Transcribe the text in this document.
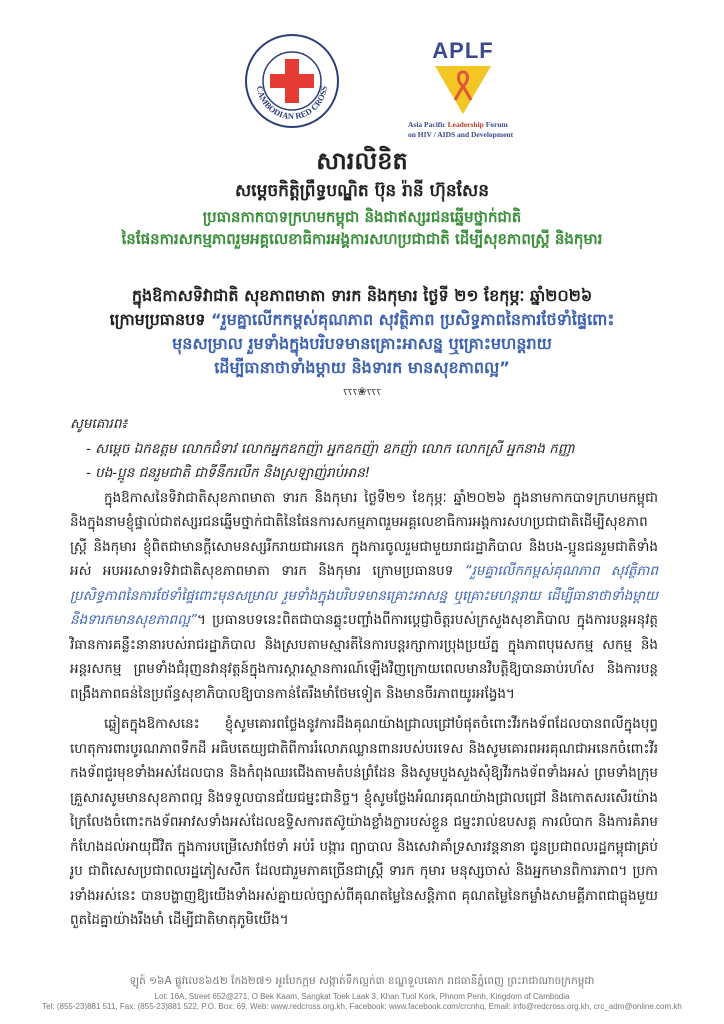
CAMBODIAN RED CROSS
APLF
Asia Pacific Leadership Forum
on HIV / AIDS and Development
សារលិខិត
សម្ដេចកិត្តិព្រឹទ្ធបណ្ឌិត ប៊ុន រ៉ានី ហ៊ុនសែន
ប្រធានកាកបាទក្រហមកម្ពុជា និងជាឥស្សរជនឆ្នើមថ្នាក់ជាតិ
នៃផែនការសកម្មភាពរួមអគ្គលេខាធិការអង្គការសហប្រជាជាតិ ដើម្បីសុខភាពស្ត្រី និងកុមារ
ក្នុងឱកាសទិវាជាតិ សុខភាពមាតា ទារក និងកុមារ ថ្ងៃទី ២១ ខែកុម្ភៈ ឆ្នាំ២០២៦
ក្រោមប្រធានបទ “រួមគ្នាលើកកម្ពស់គុណភាព សុវត្ថិភាព ប្រសិទ្ធភាពនៃការថែទាំផ្ទៃពោះ
មុនសម្រាល រួមទាំងក្នុងបរិបទមានគ្រោះអាសន្ន ឬគ្រោះមហន្តរាយ
ដើម្បីធានាថាទាំងម្ដាយ និងទារក មានសុខភាពល្អ”
ꧏꧏꧏ❀ꧏꧏꧏ

សូមគោរព៖

- សម្ដេច ឯកឧត្តម លោកជំទាវ លោកអ្នកឧកញ៉ា អ្នកឧកញ៉ា ឧកញ៉ា លោក លោកស្រី អ្នកនាង កញ្ញា
- បង-ប្អូន ជនរួមជាតិ ជាទីនឹករលឹក និងស្រឡាញ់រាប់អាន!

ក្នុងឱកាសនៃទិវាជាតិសុខភាពមាតា ទារក និងកុមារ ថ្ងៃទី២១ ខែកុម្ភៈ ឆ្នាំ២០២៦ ក្នុងនាមកាកបាទក្រហមកម្ពុជា និងក្នុងនាមខ្ញុំផ្ទាល់ជាឥស្សរជនឆ្នើមថ្នាក់ជាតិនៃផែនការសកម្មភាពរួមអគ្គលេខាធិការអង្គការសហប្រជាជាតិដើម្បីសុខភាពស្ត្រី និងកុមារ ខ្ញុំពិតជាមានក្ដីសោមនស្សរីករាយជាអនេក ក្នុងការចូលរួមជាមួយរាជរដ្ឋាភិបាល និងបង-ប្អូនជនរួមជាតិទាំងអស់ អបអរសាទរទិវាជាតិសុខភាពមាតា ទារក និងកុមារ ក្រោមប្រធានបទ “រួមគ្នាលើកកម្ពស់គុណភាព សុវត្ថិភាព ប្រសិទ្ធភាពនៃការថែទាំផ្ទៃពោះមុនសម្រាល រួមទាំងក្នុងបរិបទមានគ្រោះអាសន្ន ឬគ្រោះមហន្តរាយ ដើម្បីធានាថាទាំងម្ដាយ និងទារកមានសុខភាពល្អ”។ ប្រធានបទនេះពិតជាបានឆ្លុះបញ្ចាំងពីការប្ដេជ្ញាចិត្តរបស់ក្រសួងសុខាភិបាល ក្នុងការបន្តអនុវត្តវិធានការគន្លឹះនានារបស់រាជរដ្ឋាភិបាល និងស្របតាមស្មារតីនៃការបន្តរក្សាការប្រុងប្រយ័ត្ន ក្នុងភាពបុរេសកម្ម សកម្ម និងអន្តរសកម្ម ព្រមទាំងជំរុញនវានុវត្តន៍ក្នុងការស្ដារស្ថានការណ៍ឡើងវិញក្រោយពេលមានវិបត្តិឱ្យបានឆាប់រហ័ស និងការបន្តពង្រឹងភាពធន់នៃប្រព័ន្ធសុខាភិបាលឱ្យបានកាន់តែរឹងមាំថែមទៀត និងមានចីរភាពយូរអង្វែង។

ឆ្លៀតក្នុងឱកាសនេះ ខ្ញុំសូមគោរពថ្លែងនូវការដឹងគុណយ៉ាងជ្រាលជ្រៅបំផុតចំពោះវីរកងទ័ពដែលបានពលីក្នុងបុព្វហេតុការពារបូរណភាពទឹកដី អធិបតេយ្យជាតិពីការរំលោភឈ្លានពានរបស់បរទេស និងសូមគោរពអរគុណជាអនេកចំពោះវីរកងទ័ពជួរមុខទាំងអស់ដែលបាន និងកំពុងឈរជើងតាមតំបន់ព្រំដែន និងសូមបួងសួងសុំឱ្យវីរកងទ័ពទាំងអស់ ព្រមទាំងក្រុមគ្រួសារសូមមានសុខភាពល្អ និងទទួលបានជ័យជម្នះជានិច្ច។ ខ្ញុំសូមថ្លែងអំណរគុណយ៉ាងជ្រាលជ្រៅ និងកោតសរសើរយ៉ាងក្រៃលែងចំពោះកងទ័ពអាវសទាំងអស់ដែលឧទ្ទិសការតស៊ូយ៉ាងខ្លាំងក្លារបស់ខ្លួន ជម្នះរាល់ឧបសគ្គ ការលំបាក និងការគំរាមកំហែងដល់អាយុជីវិត ក្នុងការបម្រើសេវាថែទាំ អប់រំ បង្ការ ព្យាបាល និងសេវាគាំទ្រសារវន្តនានា ជូនប្រជាពលរដ្ឋកម្ពុជាគ្រប់រូប ជាពិសេសប្រជាពលរដ្ឋភៀសសឹក ដែលជារួមភាគច្រើនជាស្ត្រី ទារក កុមារ មនុស្សចាស់ និងអ្នកមានពិការភាព។ ប្រការទាំងអស់នេះ បានបង្ហាញឱ្យយើងទាំងអស់គ្នាយល់ច្បាស់ពីគុណតម្លៃនៃសន្តិភាព គុណតម្លៃនៃកម្លាំងសាមគ្គីភាពជាធ្លុងមួយ ពួតដៃគ្នាយ៉ាងរឹងមាំ ដើម្បីជាតិមាតុភូមិយើង។

ឡូត៍ ១៦A ផ្លូវលេខ៦៥២ កែង២៧១ អូរបែកក្អម សង្កាត់ទឹកល្អក់៣ ខណ្ឌទួលគោក រាជធានីភ្នំពេញ ព្រះរាជាណាចក្រកម្ពុជា
Lot: 16A, Street 652@271, O Bek Kaam, Sangkat Toek Laak 3, Khan Tuol Kork, Phnom Penh, Kingdom of Cambodia
Tel: (855-23)881 511, Fax: (855-23)881 522, P.O. Box: 69, Web: www.redcross.org.kh, Facebook: www.facebook.com/crcnhq, Email: info@redcross.org.kh, crc_adm@online.com.kh
